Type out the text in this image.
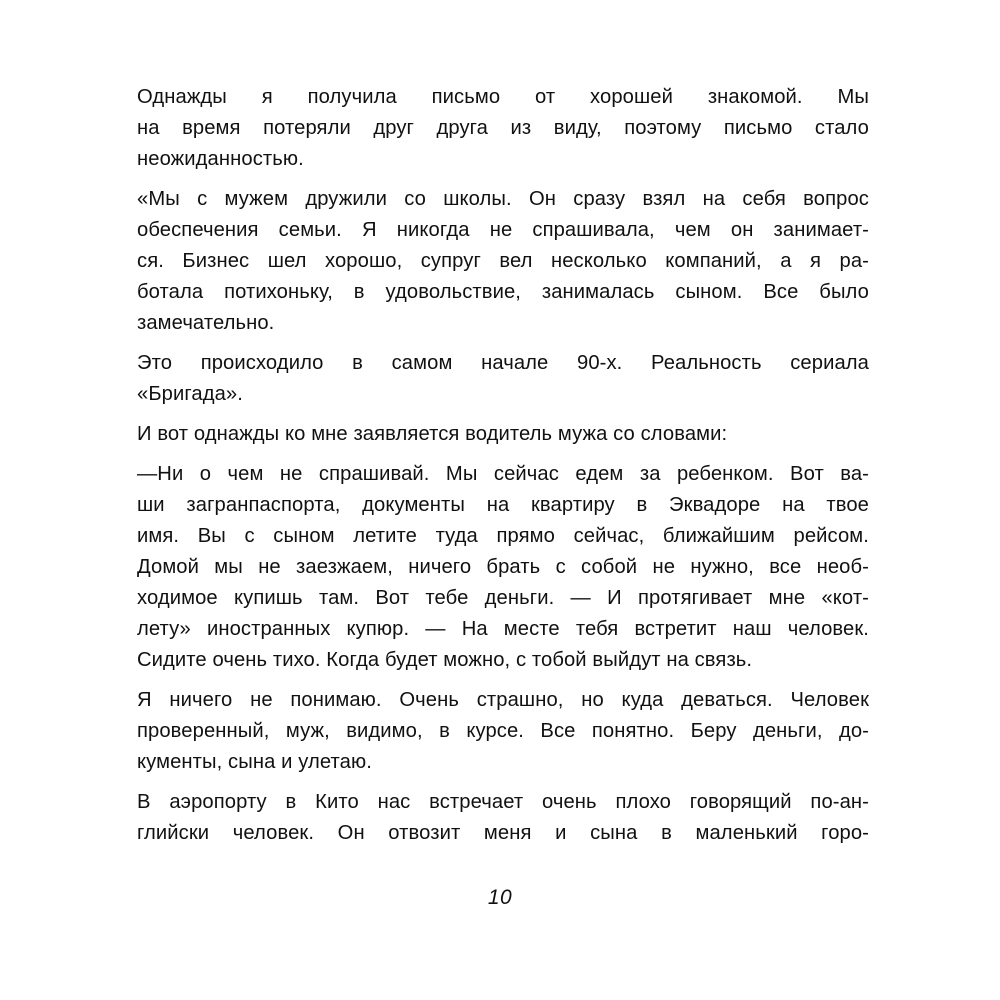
Однажды я получила письмо от хорошей знакомой. Мы
на время потеряли друг друга из виду, поэтому письмо стало
неожиданностью.

«Мы с мужем дружили со школы. Он сразу взял на себя вопрос
обеспечения семьи. Я никогда не спрашивала, чем он занимает-
ся. Бизнес шел хорошо, супруг вел несколько компаний, а я ра-
ботала потихоньку, в удовольствие, занималась сыном. Все было
замечательно.

Это происходило в самом начале 90-х. Реальность сериала
«Бригада».

И вот однажды ко мне заявляется водитель мужа со словами:

—Ни о чем не спрашивай. Мы сейчас едем за ребенком. Вот ва-
ши загранпаспорта, документы на квартиру в Эквадоре на твое
имя. Вы с сыном летите туда прямо сейчас, ближайшим рейсом.
Домой мы не заезжаем, ничего брать с собой не нужно, все необ-
ходимое купишь там. Вот тебе деньги. — И протягивает мне «кот-
лету» иностранных купюр. — На месте тебя встретит наш человек.
Сидите очень тихо. Когда будет можно, с тобой выйдут на связь.

Я ничего не понимаю. Очень страшно, но куда деваться. Человек
проверенный, муж, видимо, в курсе. Все понятно. Беру деньги, до-
кументы, сына и улетаю.

В аэропорту в Кито нас встречает очень плохо говорящий по-ан-
глийски человек. Он отвозит меня и сына в маленький горо-

10
